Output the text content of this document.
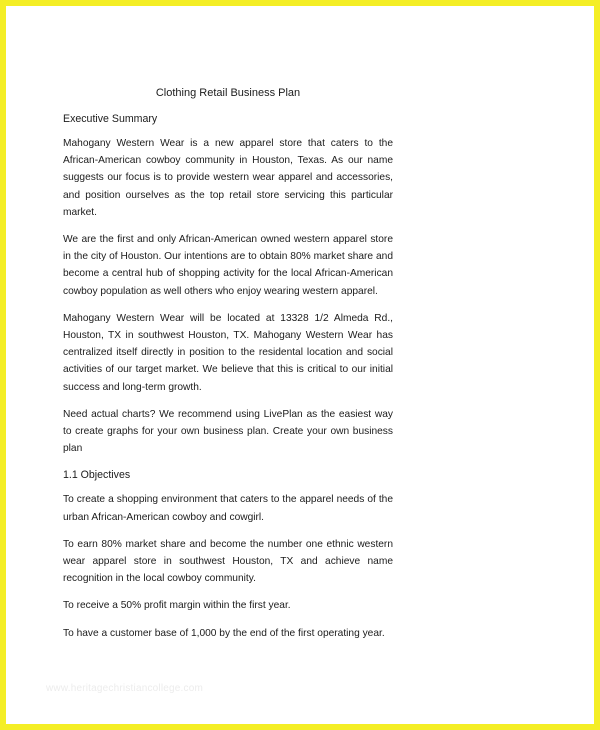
Clothing Retail Business Plan
Executive Summary

Mahogany Western Wear is a new apparel store that caters to the African-American cowboy community in Houston, Texas. As our name suggests our focus is to provide western wear apparel and accessories, and position ourselves as the top retail store servicing this particular market.

We are the first and only African-American owned western apparel store in the city of Houston. Our intentions are to obtain 80% market share and become a central hub of shopping activity for the local African-American cowboy population as well others who enjoy wearing western apparel.

Mahogany Western Wear will be located at 13328 1/2 Almeda Rd., Houston, TX in southwest Houston, TX. Mahogany Western Wear has centralized itself directly in position to the residental location and social activities of our target market. We believe that this is critical to our initial success and long-term growth.

Need actual charts? We recommend using LivePlan as the easiest way to create graphs for your own business plan. Create your own business plan

1.1 Objectives

To create a shopping environment that caters to the apparel needs of the urban African-American cowboy and cowgirl.

To earn 80% market share and become the number one ethnic western wear apparel store in southwest Houston, TX and achieve name recognition in the local cowboy community.

To receive a 50% profit margin within the first year.

To have a customer base of 1,000 by the end of the first operating year.

www.heritagechristiancollege.com
